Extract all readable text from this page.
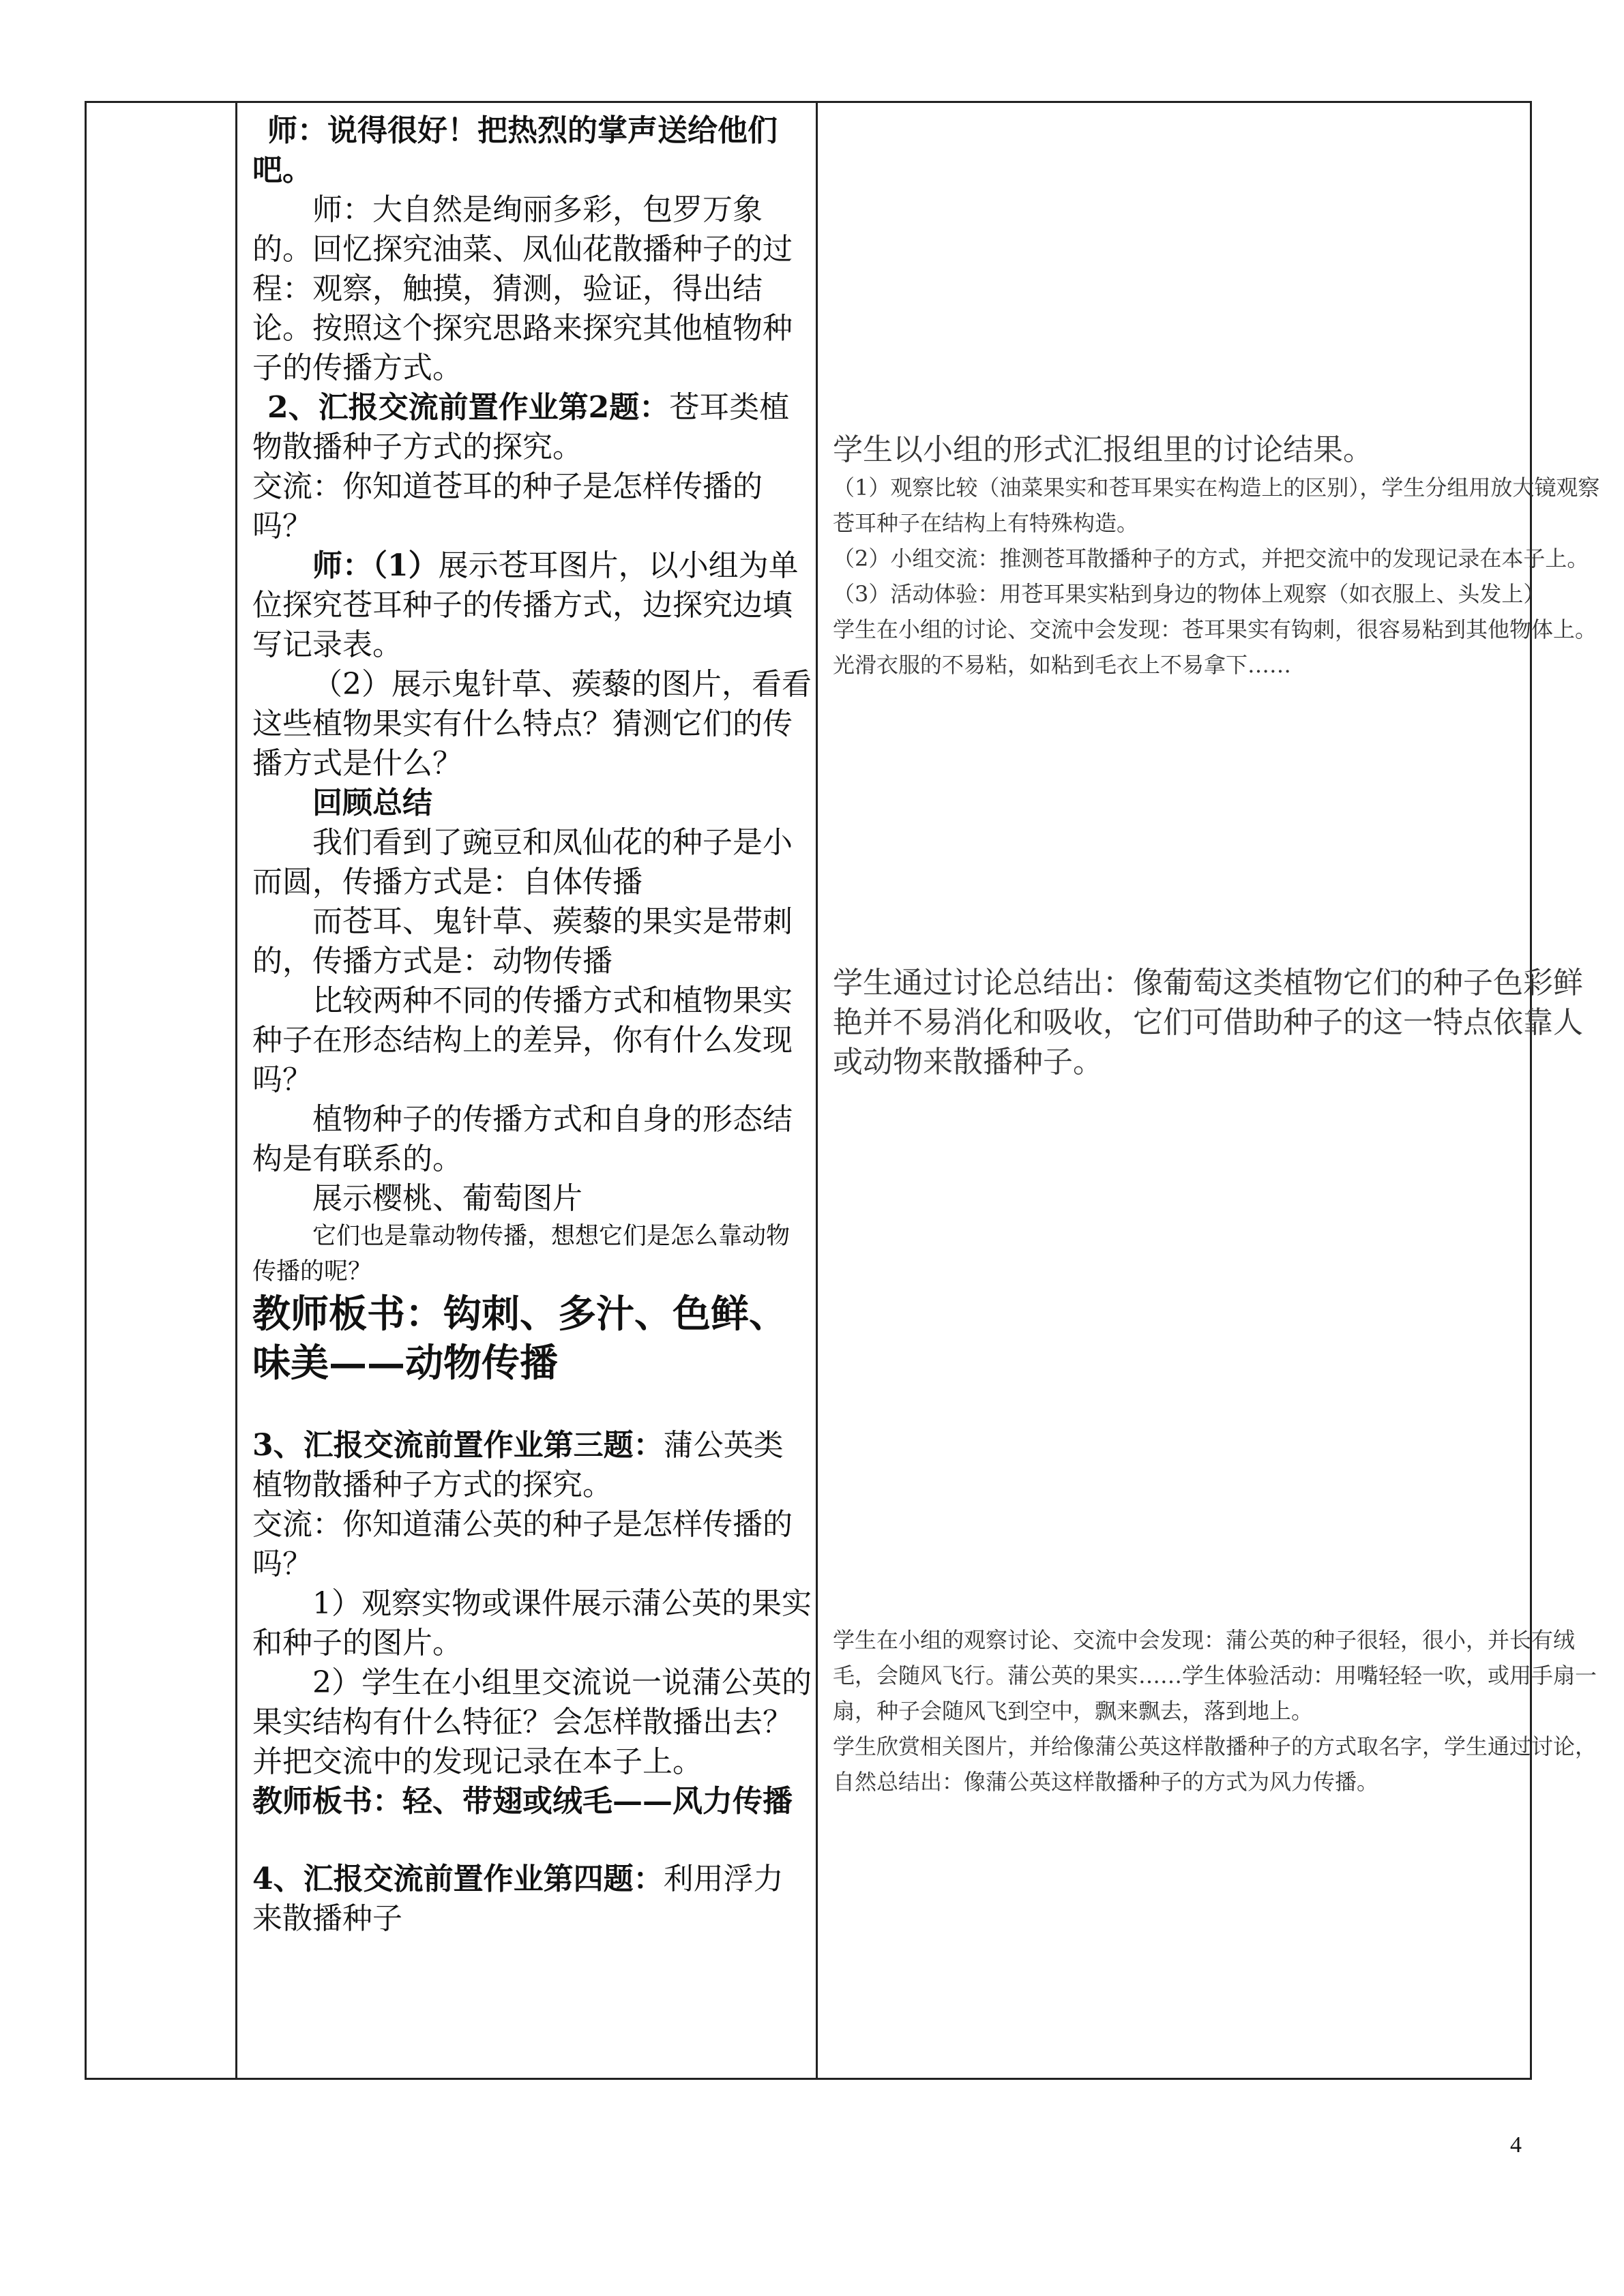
师：说得很好！把热烈的掌声送给他们吧。

师：大自然是绚丽多彩，包罗万象的。回忆探究油菜、凤仙花散播种子的过程：观察，触摸，猜测，验证，得出结论。按照这个探究思路来探究其他植物种子的传播方式。

2、汇报交流前置作业第2题：苍耳类植物散播种子方式的探究。

交流：你知道苍耳的种子是怎样传播的吗？

师：（1）展示苍耳图片，以小组为单位探究苍耳种子的传播方式，边探究边填写记录表。

（2）展示鬼针草、蒺藜的图片，看看这些植物果实有什么特点？猜测它们的传播方式是什么？

回顾总结

我们看到了豌豆和凤仙花的种子是小而圆，传播方式是：自体传播

而苍耳、鬼针草、蒺藜的果实是带刺的，传播方式是：动物传播

比较两种不同的传播方式和植物果实种子在形态结构上的差异，你有什么发现吗？

植物种子的传播方式和自身的形态结构是有联系的。

展示樱桃、葡萄图片

它们也是靠动物传播，想想它们是怎么靠动物传播的呢？

教师板书：钩刺、多汁、色鲜、味美——动物传播

3、汇报交流前置作业第三题：蒲公英类植物散播种子方式的探究。

交流：你知道蒲公英的种子是怎样传播的吗？

1）观察实物或课件展示蒲公英的果实和种子的图片。

2）学生在小组里交流说一说蒲公英的果实结构有什么特征？会怎样散播出去？并把交流中的发现记录在本子上。

教师板书：轻、带翅或绒毛——风力传播

4、汇报交流前置作业第四题：利用浮力来散播种子

学生以小组的形式汇报组里的讨论结果。

（1）观察比较（油菜果实和苍耳果实在构造上的区别），学生分组用放大镜观察苍耳种子在结构上有特殊构造。

（2）小组交流：推测苍耳散播种子的方式，并把交流中的发现记录在本子上。

（3）活动体验：用苍耳果实粘到身边的物体上观察（如衣服上、头发上）

学生在小组的讨论、交流中会发现：苍耳果实有钩刺，很容易粘到其他物体上。光滑衣服的不易粘，如粘到毛衣上不易拿下……

学生通过讨论总结出：像葡萄这类植物它们的种子色彩鲜艳并不易消化和吸收，它们可借助种子的这一特点依靠人或动物来散播种子。

学生在小组的观察讨论、交流中会发现：蒲公英的种子很轻，很小，并长有绒毛，会随风飞行。蒲公英的果实……学生体验活动：用嘴轻轻一吹，或用手扇一扇，种子会随风飞到空中，飘来飘去，落到地上。

学生欣赏相关图片，并给像蒲公英这样散播种子的方式取名字，学生通过讨论，自然总结出：像蒲公英这样散播种子的方式为风力传播。

4
